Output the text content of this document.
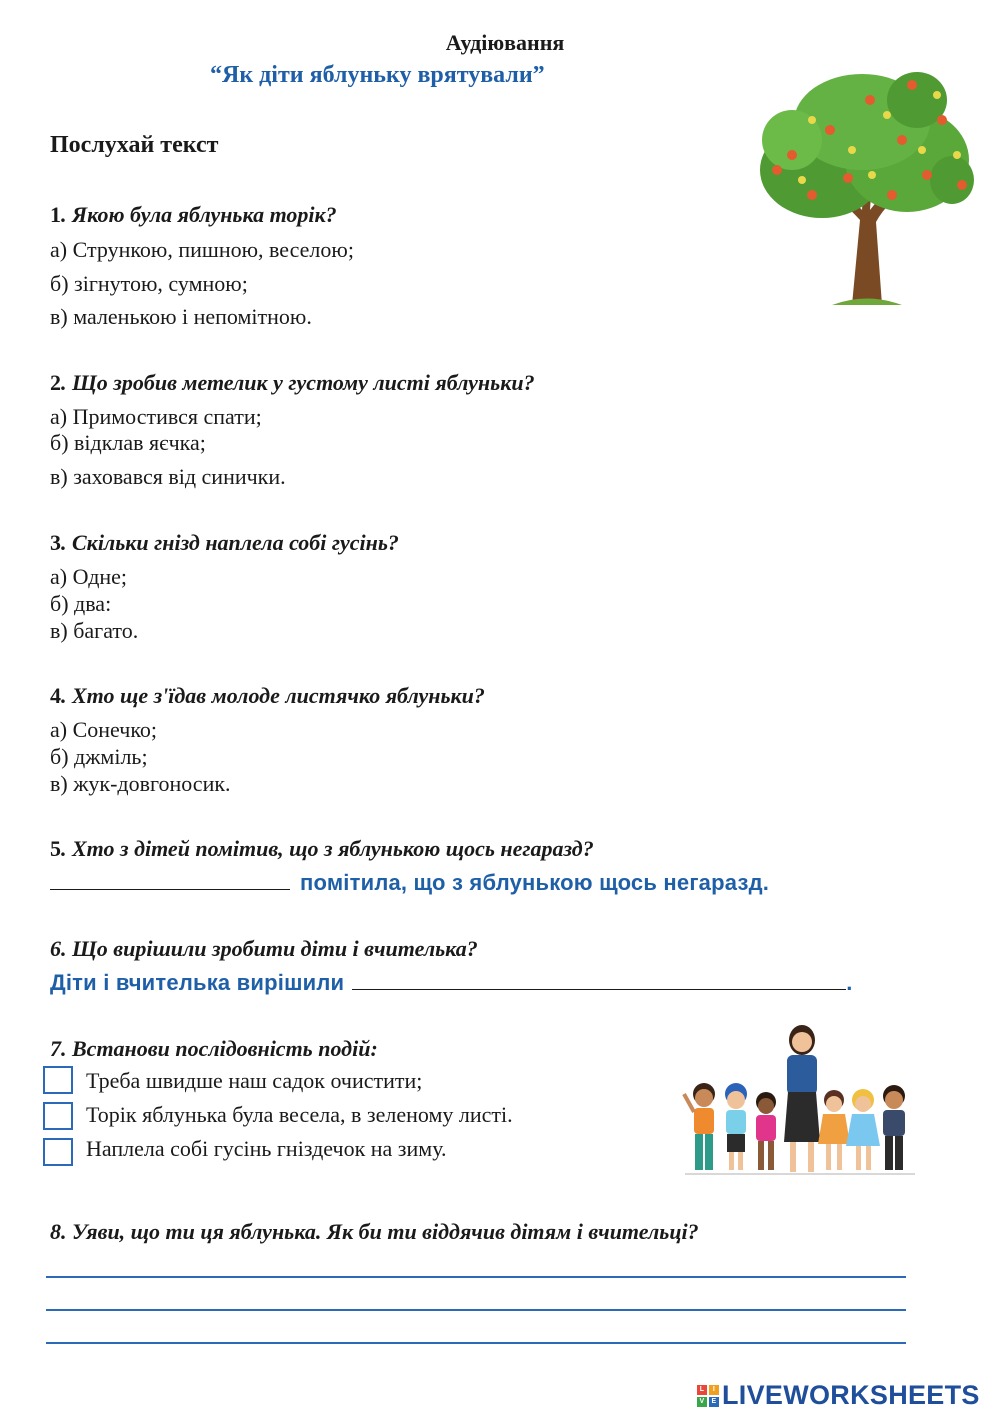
Аудіювання
“Як діти яблуньку врятували”
Послухай текст
1. Якою була яблунька торік?
а) Стрункою, пишною, веселою;
б) зігнутою, сумною;
в) маленькою і непомітною.
2. Що зробив метелик у густому листі яблуньки?
а) Примостився спати;
б) відклав яєчка;
в) заховався від синички.
3. Скільки гнізд наплела собі гусінь?
а) Одне;
б) два:
в) багато.
4. Хто ще з'їдав молоде листячко яблуньки?
а) Сонечко;
б) джміль;
в) жук-довгоносик.
5. Хто з дітей помітив, що з яблунькою щось негаразд?
помітила, що з яблунькою щось негаразд.
6. Що вирішили зробити діти і вчителька?
Діти і вчителька вирішили	.
7. Встанови послідовність подій:
Треба швидше наш садок очистити;
Торік яблунька була весела, в зеленому листі.
Наплела собі гусінь гніздечок на зиму.
8. Уяви, що ти ця яблунька. Як би ти віддячив дітям і вчительці?
L	I
V	E LIVEWORKSHEETS
